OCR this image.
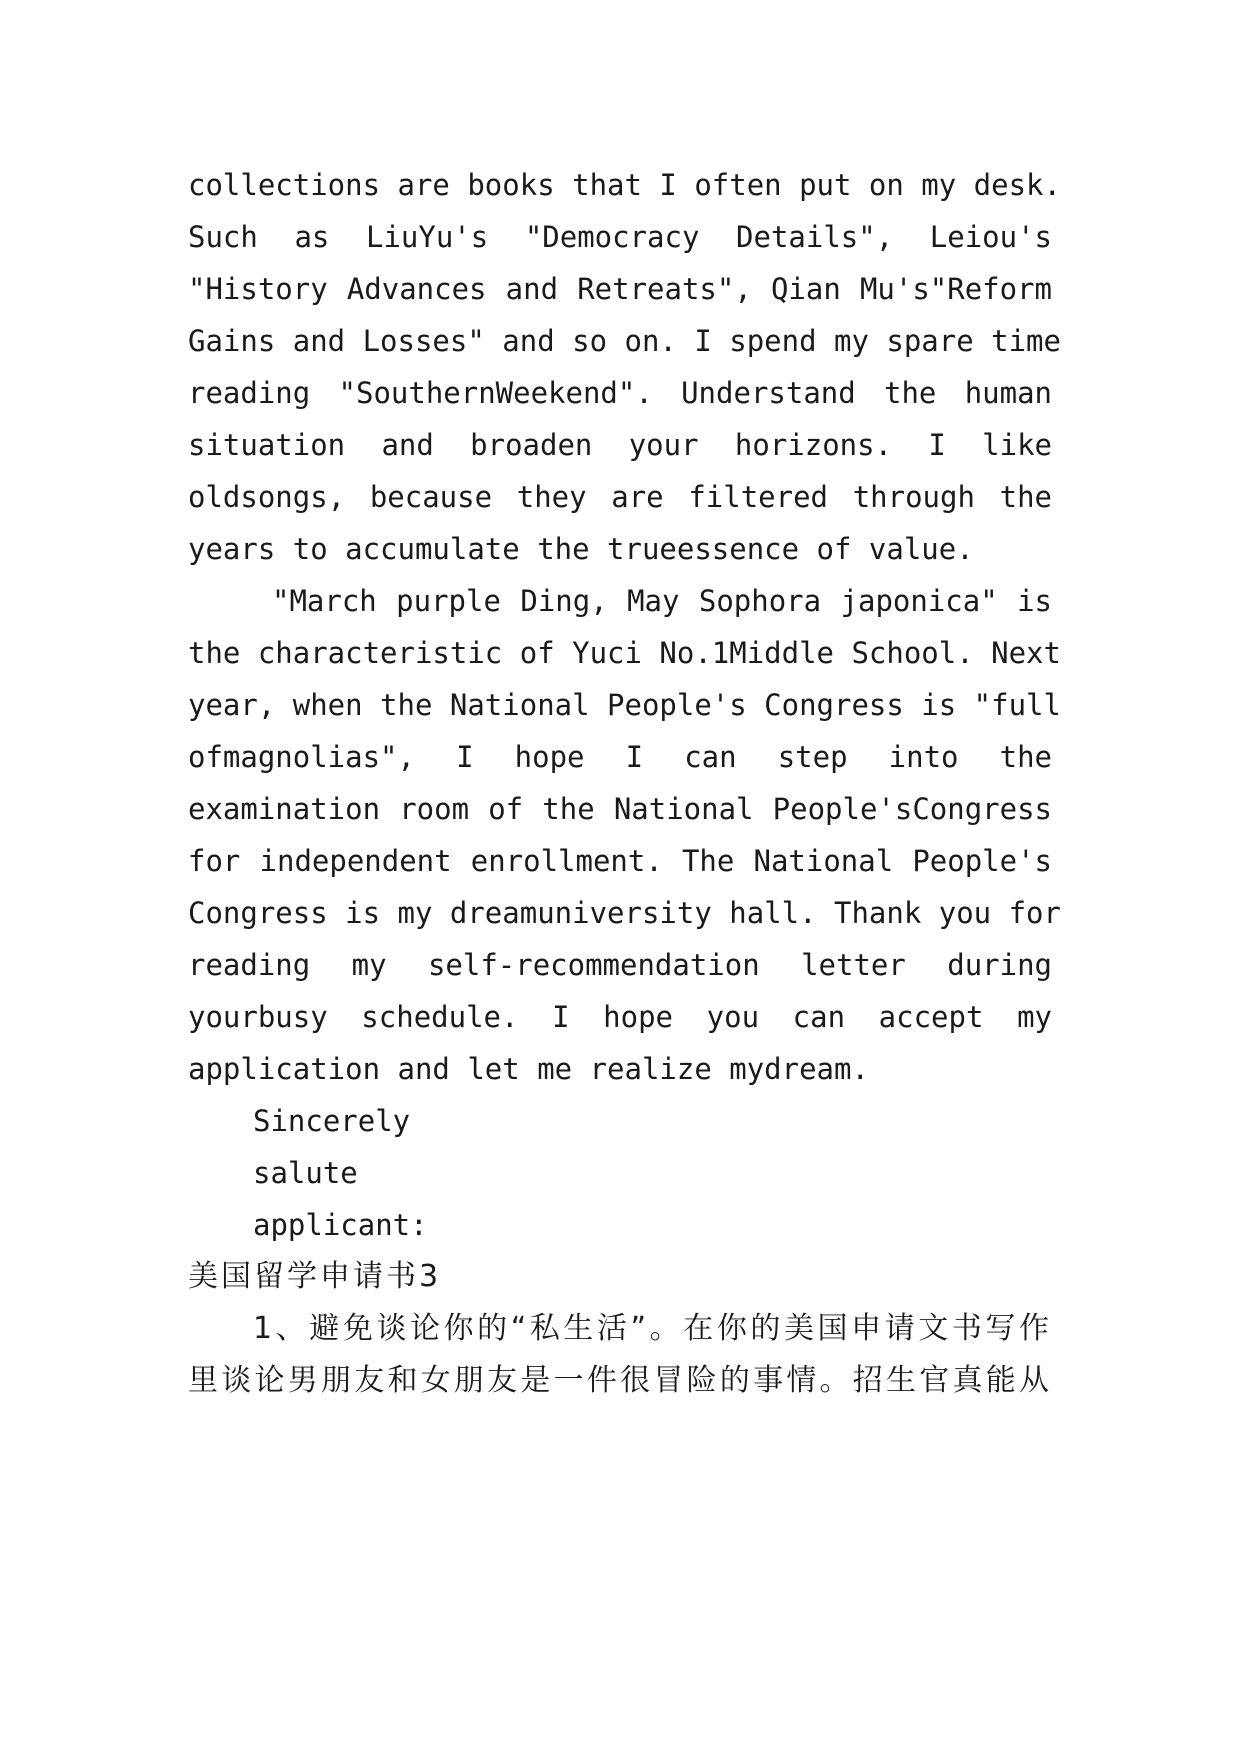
collections are books that I often put on my desk.
Such as LiuYu's "Democracy Details", Leiou's
"History Advances and Retreats", Qian Mu's"Reform
Gains and Losses" and so on. I spend my spare time
reading "SouthernWeekend". Understand the human
situation and broaden your horizons. I like
oldsongs, because they are filtered through the
years to accumulate the trueessence of value.
"March purple Ding, May Sophora japonica" is
the characteristic of Yuci No.1Middle School. Next
year, when the National People's Congress is "full
ofmagnolias", I hope I can step into the
examination room of the National People'sCongress
for independent enrollment. The National People's
Congress is my dreamuniversity hall. Thank you for
reading my self-recommendation letter during
yourbusy schedule. I hope you can accept my
application and let me realize mydream.
Sincerely
salute
applicant:
美国留学申请书3
1、避免谈论你的“私生活”。在你的美国申请文书写作
里谈论男朋友和女朋友是一件很冒险的事情。招生官真能从
